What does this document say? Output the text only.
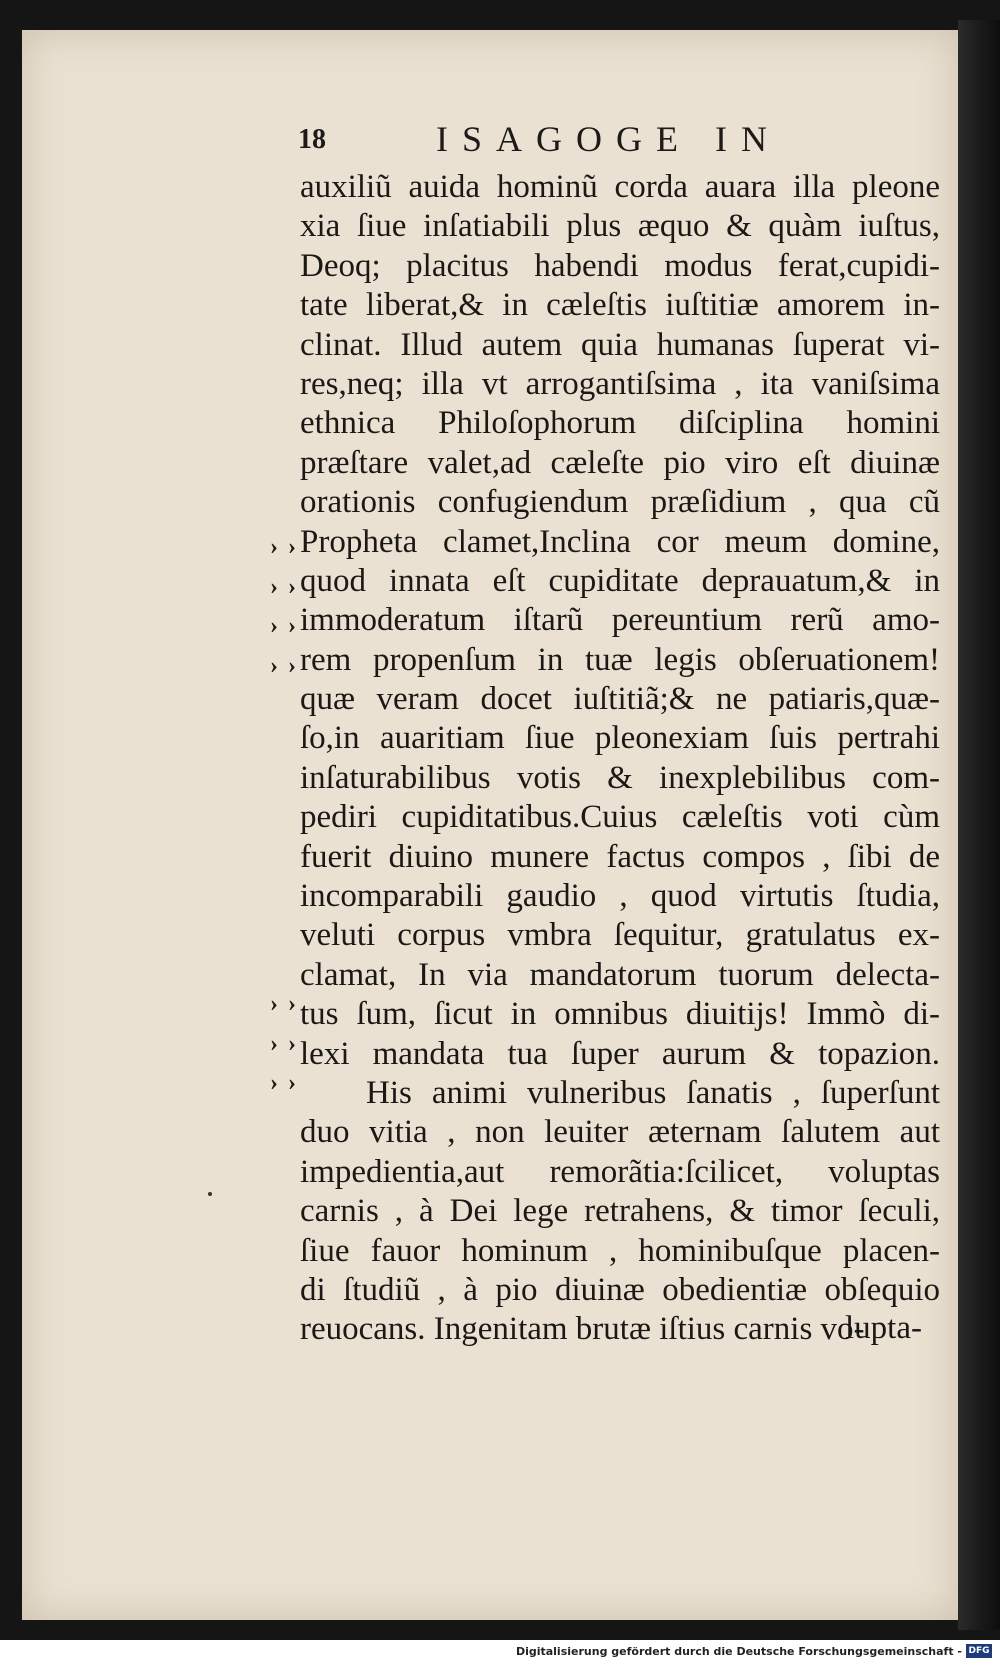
18	ISAGOGE IN
auxiliũ auida hominũ corda auara illa pleone
xia ſiue inſatiabili plus æquo & quàm iuſtus,
Deoq; placitus habendi modus ferat,cupidi-
tate liberat,& in cæleſtis iuſtitiæ amorem in-
clinat. Illud autem quia humanas ſuperat vi-
res,neq; illa vt arrogantiſsima , ita vaniſsima
ethnica Philoſophorum diſciplina homini
præſtare valet,ad cæleſte pio viro eſt diuinæ
orationis confugiendum præſidium , qua cũ
Propheta clamet,Inclina cor meum domine,
quod innata eſt cupiditate deprauatum,& in
immoderatum iſtarũ pereuntium rerũ amo-
rem propenſum in tuæ legis obſeruationem!
quæ veram docet iuſtitiã;& ne patiaris,quæ-
ſo,in auaritiam ſiue pleonexiam ſuis pertrahi
inſaturabilibus votis & inexplebilibus com-
pediri cupiditatibus.Cuius cæleſtis voti cùm
fuerit diuino munere factus compos , ſibi de
incomparabili gaudio , quod virtutis ſtudia,
veluti corpus vmbra ſequitur, gratulatus ex-
clamat, In via mandatorum tuorum delecta-
tus ſum, ſicut in omnibus diuitijs! Immò di-
lexi mandata tua ſuper aurum & topazion.
His animi vulneribus ſanatis , ſuperſunt
duo vitia , non leuiter æternam ſalutem aut
impedientia,aut remorãtia:ſcilicet, voluptas
carnis , à Dei lege retrahens, & timor ſeculi,
ſiue fauor hominum , hominibuſque placen-
di ſtudiũ , à pio diuinæ obedientiæ obſequio
reuocans. Ingenitam brutæ iſtius carnis vo-
› ›
› ›
› ›
› ›
› ›
› ›
› ›
lupta-
Digitalisierung gefördert durch die Deutsche Forschungsgemeinschaft - DFG
